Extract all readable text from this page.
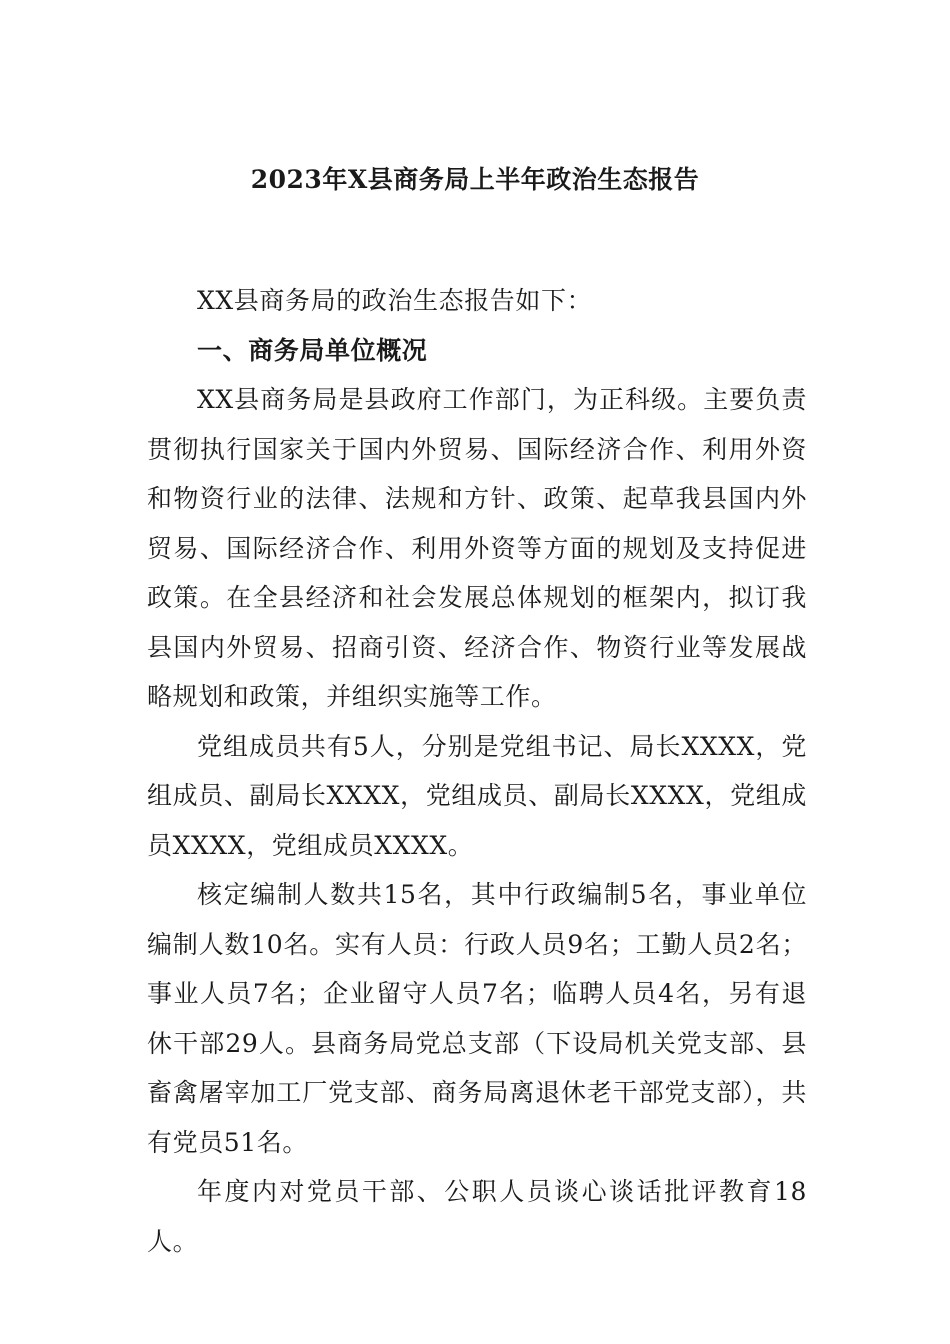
2023年X县商务局上半年政治生态报告

XX县商务局的政治生态报告如下：

一、商务局单位概况

XX县商务局是县政府工作部门，为正科级。主要负责贯彻执行国家关于国内外贸易、国际经济合作、利用外资和物资行业的法律、法规和方针、政策、起草我县国内外贸易、国际经济合作、利用外资等方面的规划及支持促进政策。在全县经济和社会发展总体规划的框架内，拟订我县国内外贸易、招商引资、经济合作、物资行业等发展战略规划和政策，并组织实施等工作。

党组成员共有5人，分别是党组书记、局长XXXX，党组成员、副局长XXXX，党组成员、副局长XXXX，党组成员XXXX，党组成员XXXX。

核定编制人数共15名，其中行政编制5名，事业单位编制人数10名。实有人员：行政人员9名；工勤人员2名；事业人员7名；企业留守人员7名；临聘人员4名，另有退休干部29人。县商务局党总支部（下设局机关党支部、县畜禽屠宰加工厂党支部、商务局离退休老干部党支部），共有党员51名。

年度内对党员干部、公职人员谈心谈话批评教育18人。
